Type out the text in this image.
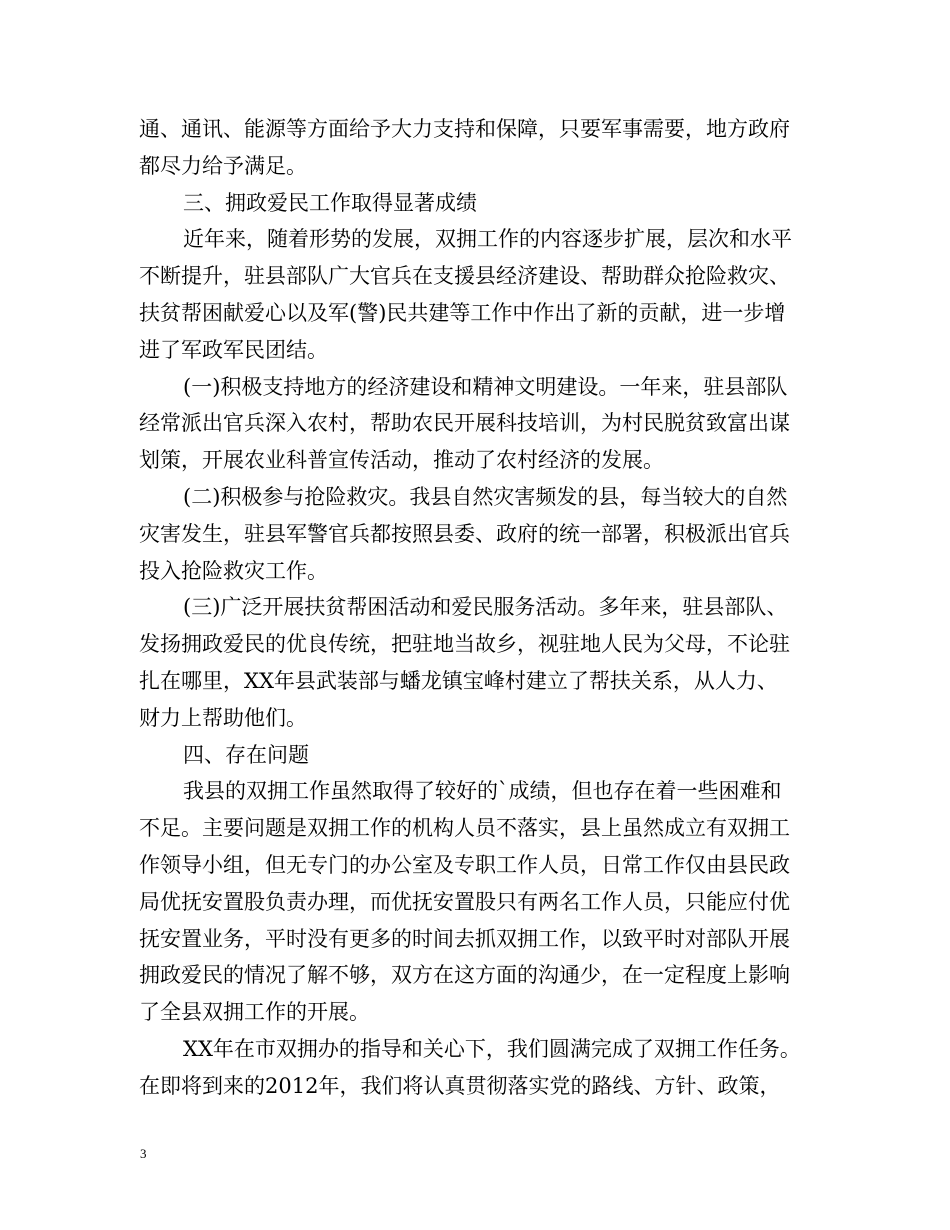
通、通讯、能源等方面给予大力支持和保障，只要军事需要，地方政府
都尽力给予满足。
三、拥政爱民工作取得显著成绩
近年来，随着形势的发展，双拥工作的内容逐步扩展，层次和水平
不断提升，驻县部队广大官兵在支援县经济建设、帮助群众抢险救灾、
扶贫帮困献爱心以及军(警)民共建等工作中作出了新的贡献，进一步增
进了军政军民团结。
(一)积极支持地方的经济建设和精神文明建设。一年来，驻县部队
经常派出官兵深入农村，帮助农民开展科技培训，为村民脱贫致富出谋
划策，开展农业科普宣传活动，推动了农村经济的发展。
(二)积极参与抢险救灾。我县自然灾害频发的县，每当较大的自然
灾害发生，驻县军警官兵都按照县委、政府的统一部署，积极派出官兵
投入抢险救灾工作。
(三)广泛开展扶贫帮困活动和爱民服务活动。多年来，驻县部队、
发扬拥政爱民的优良传统，把驻地当故乡，视驻地人民为父母，不论驻
扎在哪里，XX年县武装部与蟠龙镇宝峰村建立了帮扶关系，从人力、
财力上帮助他们。
四、存在问题
我县的双拥工作虽然取得了较好的`成绩，但也存在着一些困难和
不足。主要问题是双拥工作的机构人员不落实，县上虽然成立有双拥工
作领导小组，但无专门的办公室及专职工作人员，日常工作仅由县民政
局优抚安置股负责办理，而优抚安置股只有两名工作人员，只能应付优
抚安置业务，平时没有更多的时间去抓双拥工作，以致平时对部队开展
拥政爱民的情况了解不够，双方在这方面的沟通少，在一定程度上影响
了全县双拥工作的开展。
XX年在市双拥办的指导和关心下，我们圆满完成了双拥工作任务。
在即将到来的2012年，我们将认真贯彻落实党的路线、方针、政策，
3
